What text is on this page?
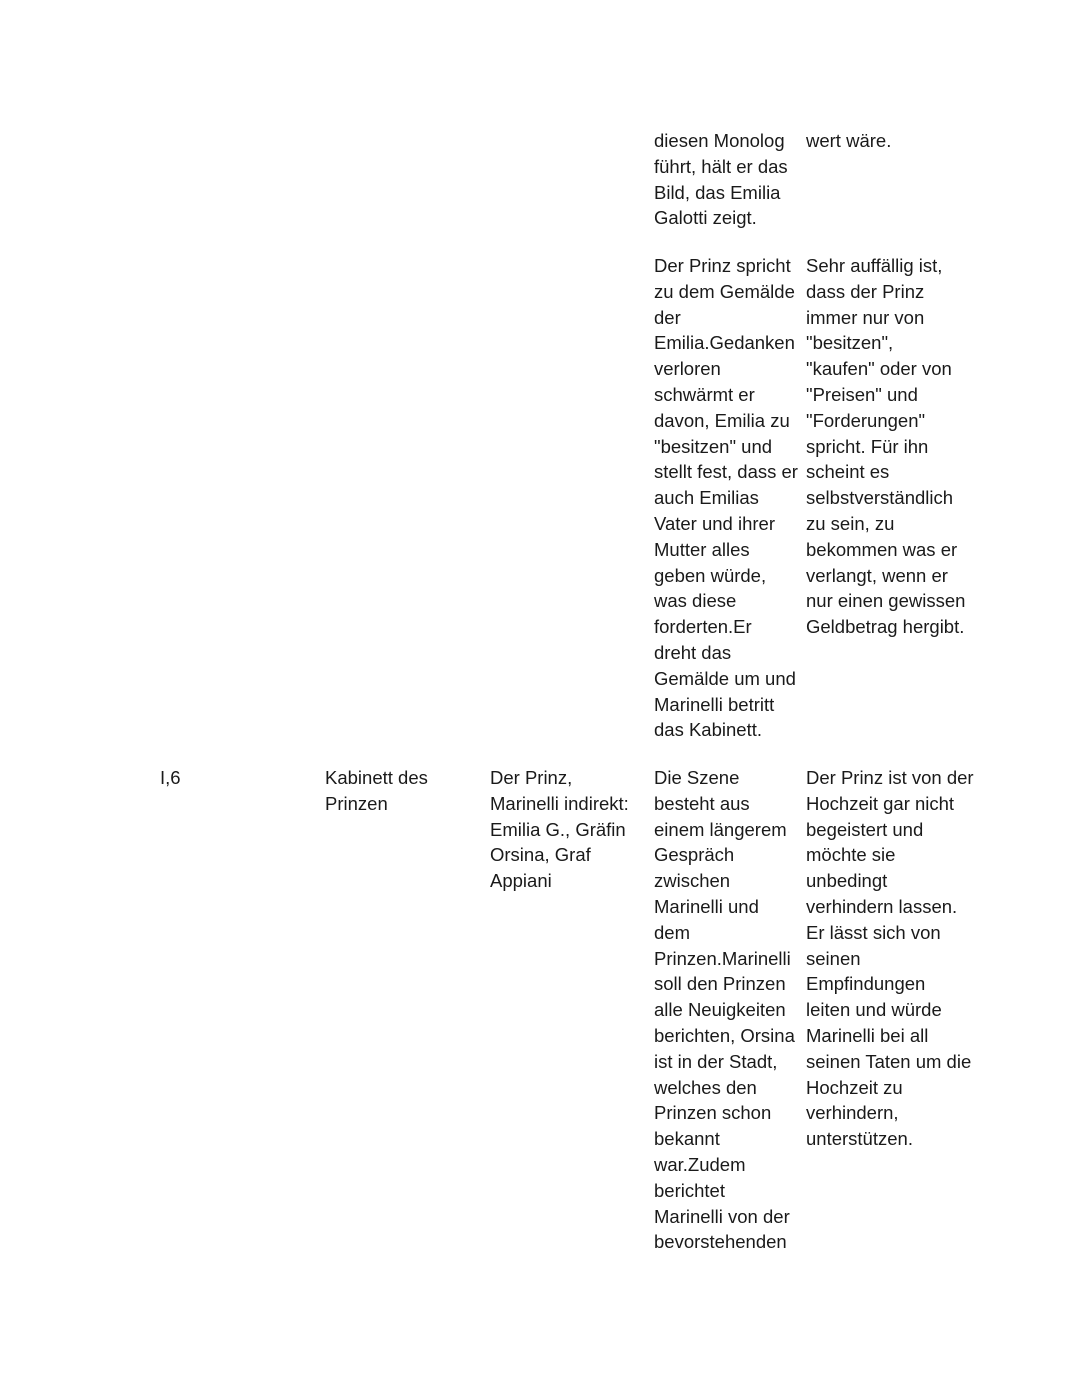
diesen Monolog
führt, hält er das
Bild, das Emilia
Galotti zeigt.
wert wäre.
Der Prinz spricht
zu dem Gemälde
der
Emilia.Gedanken
verloren
schwärmt er
davon, Emilia zu
"besitzen" und
stellt fest, dass er
auch Emilias
Vater und ihrer
Mutter alles
geben würde,
was diese
forderten.Er
dreht das
Gemälde um und
Marinelli betritt
das Kabinett.
Sehr auffällig ist,
dass der Prinz
immer nur von
"besitzen",
"kaufen" oder von
"Preisen" und
"Forderungen"
spricht. Für ihn
scheint es
selbstverständlich
zu sein, zu
bekommen was er
verlangt, wenn er
nur einen gewissen
Geldbetrag hergibt.
I,6	Kabinett des
Prinzen
Der Prinz,
Marinelli indirekt:
Emilia G., Gräfin
Orsina, Graf
Appiani
Die Szene
besteht aus
einem längerem
Gespräch
zwischen
Marinelli und
dem
Prinzen.Marinelli
soll den Prinzen
alle Neuigkeiten
berichten, Orsina
ist in der Stadt,
welches den
Prinzen schon
bekannt
war.Zudem
berichtet
Marinelli von der
bevorstehenden
Der Prinz ist von der
Hochzeit gar nicht
begeistert und
möchte sie
unbedingt
verhindern lassen.
Er lässt sich von
seinen
Empfindungen
leiten und würde
Marinelli bei all
seinen Taten um die
Hochzeit zu
verhindern,
unterstützen.
